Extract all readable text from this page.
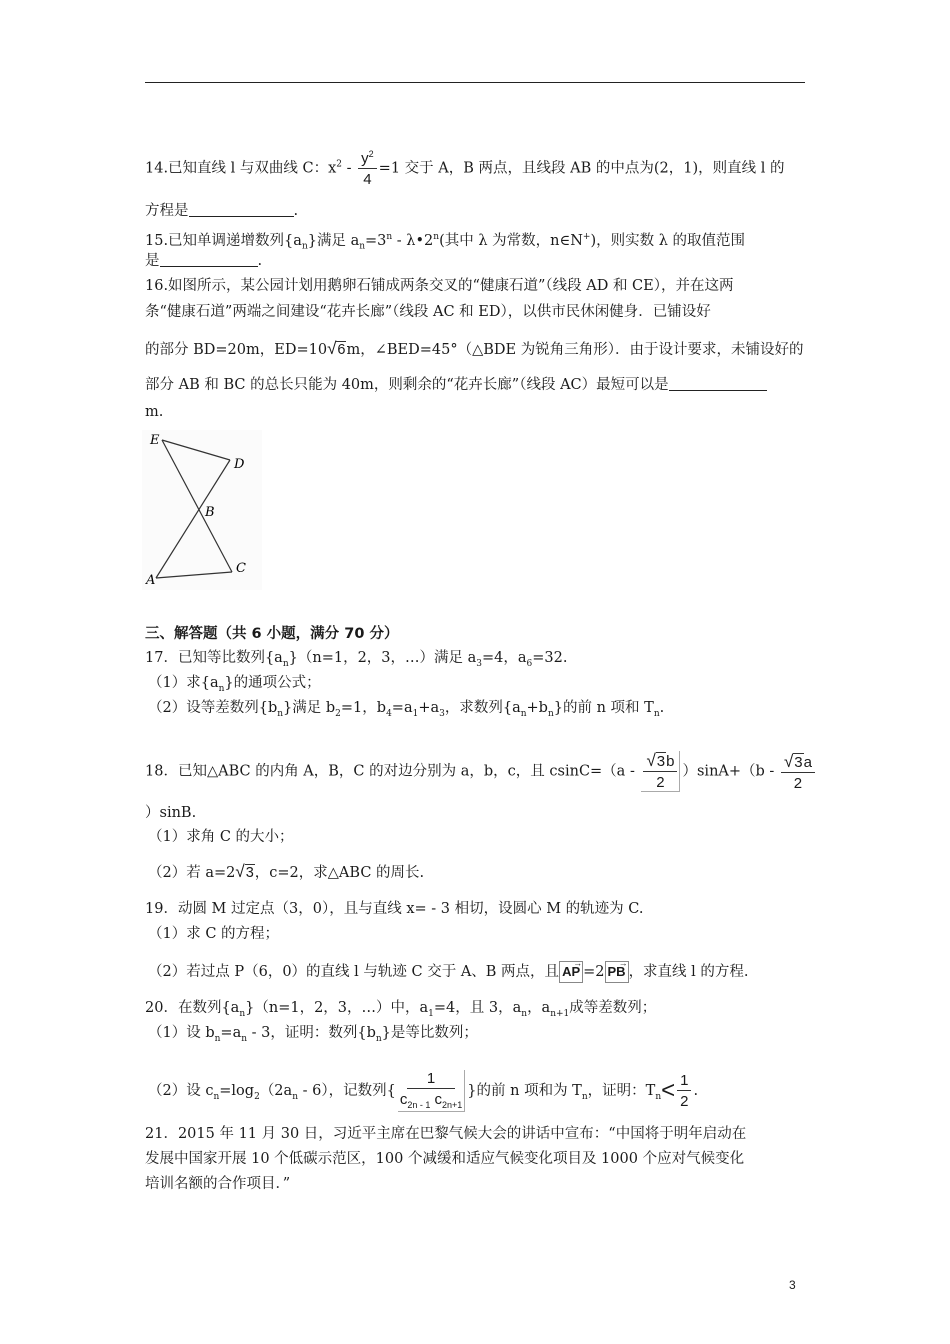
14.已知直线 l 与双曲线 C：$x^2 - \frac{y^2}{4} =1$ 交于 A，B 两点，且线段 AB 的中点为(2，1)，则直线 l 的
方程是	.
15.已知单调递增数列$\{a_n\}$满足 $a_n=3^n$ - λ•2$^n$(其中 λ 为常数，n∈N+)，则实数 λ 的取值范围
是	.
16.如图所示，某公园计划用鹅卵石铺成两条交叉的“健康石道”（线段 AD 和 CE），并在这两
条“健康石道”两端之间建设“花卉长廊”（线段 AC 和 ED），以供市民休闲健身．已铺设好
的部分 BD=20m，ED=10√6m，∠BED=45°（△BDE 为锐角三角形）．由于设计要求，未铺设好的
部分 AB 和 BC 的总长只能为 40m，则剩余的“花卉长廊”（线段 AC）最短可以是
m.
E
D
B
A
C
三、解答题（共 6 小题，满分 70 分）
17．已知等比数列$\{a_n\}(n=1$，2，3，…）满足 $a_3=4$，$a_6=32$.
（1）求$\{a_n\}$的通项公式；
（2）设等差数列$\{b_n\}$满足 $b_2=1$，$b_4=a_1+a_3$，求数列$\{a_n+b_n\}$的前 n 项和 $T_n$.
18．已知△ABC 的内角 A，B，C 的对边分别为 a，b，c，且 $csinC=(a - \frac{√3b}{2} )\sin A+(b - \frac{√3a}{2}$
）sinB.
（1）求角 C 的大小；
（2）若 a=2√3，c=2，求△ABC 的周长.
19．动圆 M 过定点（3，0），且与直线 x= - 3 相切，设圆心 M 的轨迹为 C.
（1）求 C 的方程；
（2）若过点 P（6，0）的直线 l 与轨迹 C 交于 A、B 两点，且 → AP =2 → PB ，求直线 l 的方程.
20．在数列$\{a_n\}(n=1$，2，3，…）中，$a_1=4$，且 3，$a_n$，$a_{n+1}$成等差数列；
（1）设 $b_n=a_n - 3$，证明：数列$\{b_n\}$是等比数列；
（2）设 $c_n=\log_2(2a_n - 6)$，记数列{ $\frac{1}{c_{2n - 1} c_{2n+1}}$ }的前 n 项和为 $T_n$，证明：$T_n< \frac{1}{2}$ .
21．2015 年 11 月 30 日，习近平主席在巴黎气候大会的讲话中宣布：“中国将于明年启动在
发展中国家开展 10 个低碳示范区，100 个减缓和适应气候变化项目及 1000 个应对气候变化
培训名额的合作项目．”
3
